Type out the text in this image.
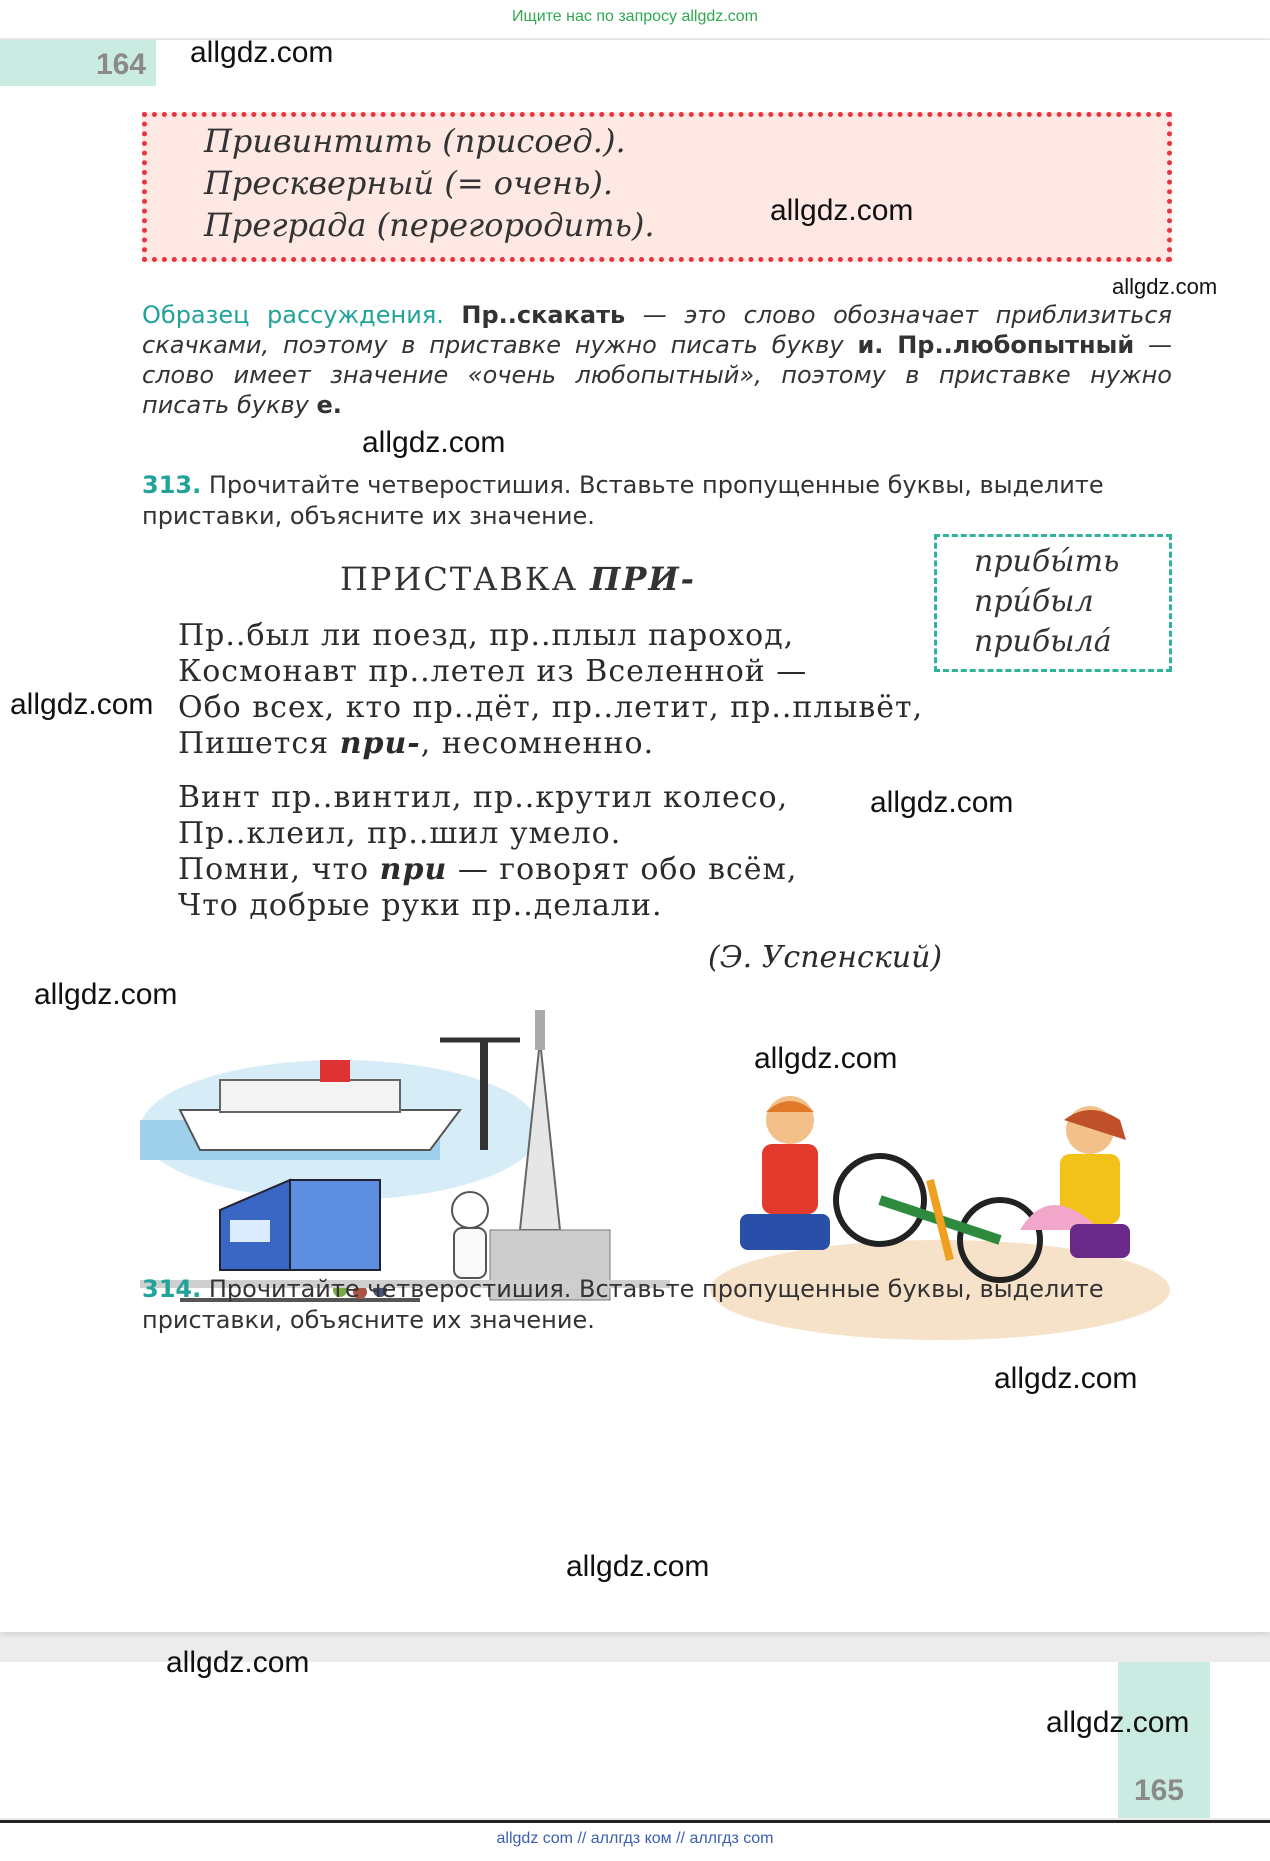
Ищите нас по запросу allgdz.com
164
Привинтить (присоед.).
Прескверный (= очень).
Преграда (перегородить).
Образец рассуждения. Пр..скакать — это слово обозначает приблизиться скачками, поэтому в приставке нужно писать букву и. Пр..любопытный — слово имеет значение «очень любопытный», поэтому в приставке нужно писать букву е.
313. Прочитайте четверостишия. Вставьте пропущенные буквы, выделите приставки, объясните их значение.
ПРИСТАВКА ПРИ-
Пр..был ли поезд, пр..плыл пароход,
Космонавт пр..летел из Вселенной —
Обо всех, кто пр..дёт, пр..летит, пр..плывёт,
Пишется при-, несомненно.
Винт пр..винтил, пр..крутил колесо,
Пр..клеил, пр..шил умело.
Помни, что при — говорят обо всём,
Что добрые руки пр..делали.
(Э. Успенский)
прибы́ть
при́был
прибыла́
314. Прочитайте четверостишия. Вставьте пропущенные буквы, выделите приставки, объясните их значение.
165
allgdz.com
allgdz.com
allgdz.com
allgdz.com
allgdz.com
allgdz.com
allgdz.com
allgdz.com
allgdz.com
allgdz.com
allgdz.com
allgdz.com
allgdz com // аллгдз ком // аллгдз com
